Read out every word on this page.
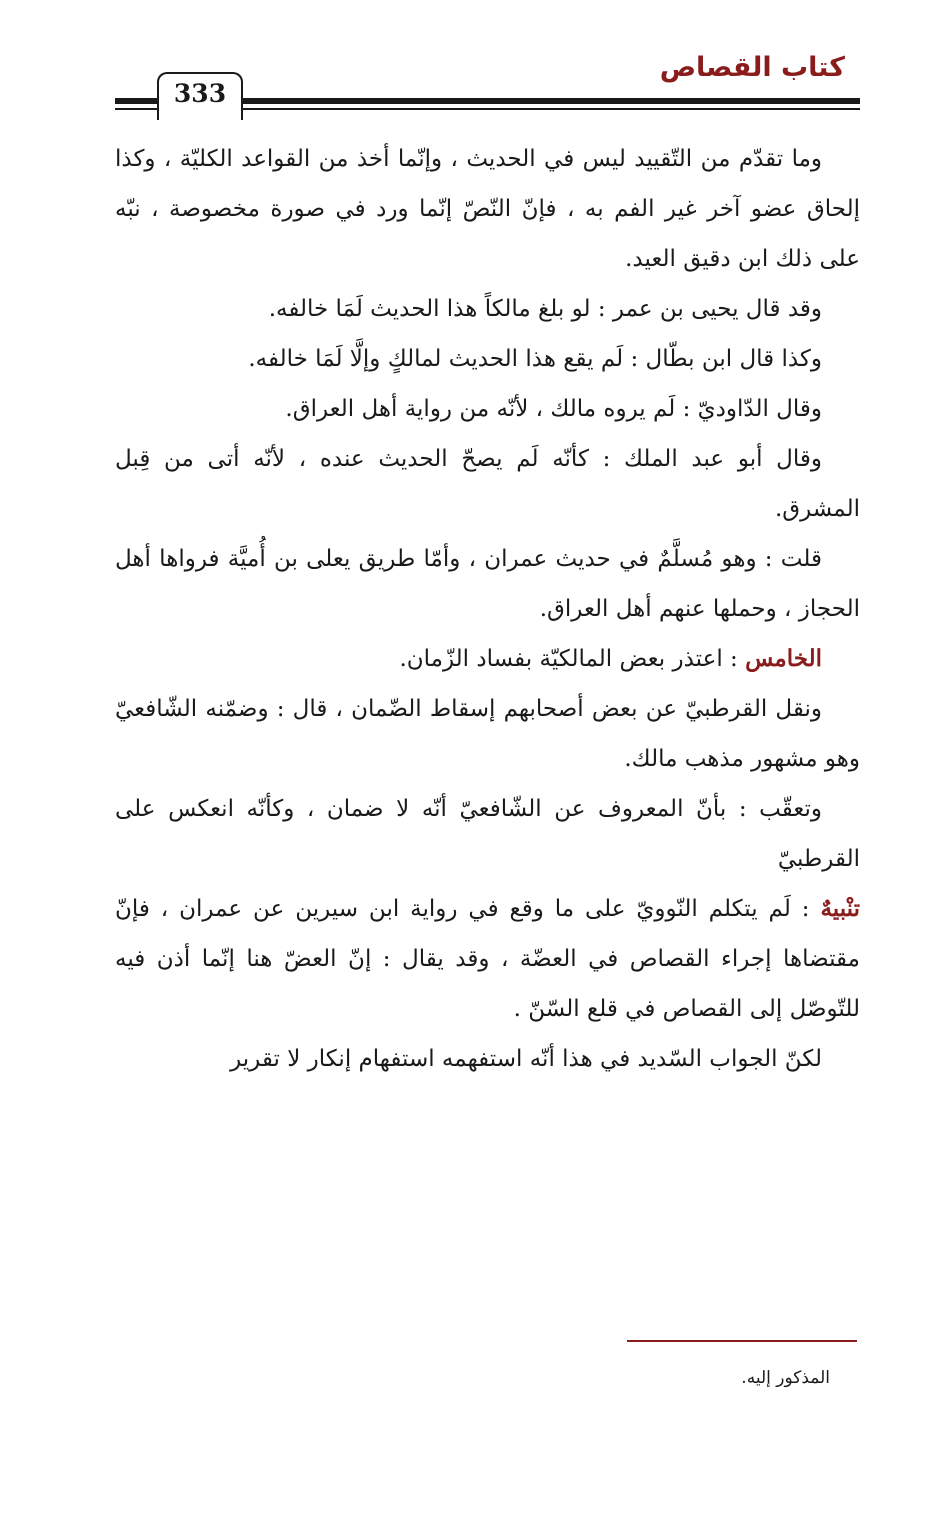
كتاب القصاص
333

وما تقدّم من التّقييد ليس في الحديث ، وإنّما أخذ من القواعد الكليّة ، وكذا إلحاق عضو آخر غير الفم به ، فإنّ النّصّ إنّما ورد في صورة مخصوصة ، نبّه على ذلك ابن دقيق العيد.

وقد قال يحيى بن عمر : لو بلغ مالكاً هذا الحديث لَمَا خالفه.

وكذا قال ابن بطّال : لَم يقع هذا الحديث لمالكٍ وإلَّا لَمَا خالفه.

وقال الدّاوديّ : لَم يروه مالك ، لأنّه من رواية أهل العراق.

وقال أبو عبد الملك : كأنّه لَم يصحّ الحديث عنده ، لأنّه أتى من قِبل المشرق.

قلت : وهو مُسلَّمٌ في حديث عمران ، وأمّا طريق يعلى بن أُميَّة فرواها أهل الحجاز ، وحملها عنهم أهل العراق.

الخامس : اعتذر بعض المالكيّة بفساد الزّمان.

ونقل القرطبيّ عن بعض أصحابهم إسقاط الضّمان ، قال : وضمّنه الشّافعيّ وهو مشهور مذهب مالك.

وتعقّب : بأنّ المعروف عن الشّافعيّ أنّه لا ضمان ، وكأنّه انعكس على القرطبيّ

تنْبيهٌ : لَم يتكلم النّوويّ على ما وقع في رواية ابن سيرين عن عمران ، فإنّ مقتضاها إجراء القصاص في العضّة ، وقد يقال : إنّ العضّ هنا إنّما أذن فيه للتّوصّل إلى القصاص في قلع السّنّ .

لكنّ الجواب السّديد في هذا أنّه استفهمه استفهام إنكار لا تقرير

المذكور إليه.
